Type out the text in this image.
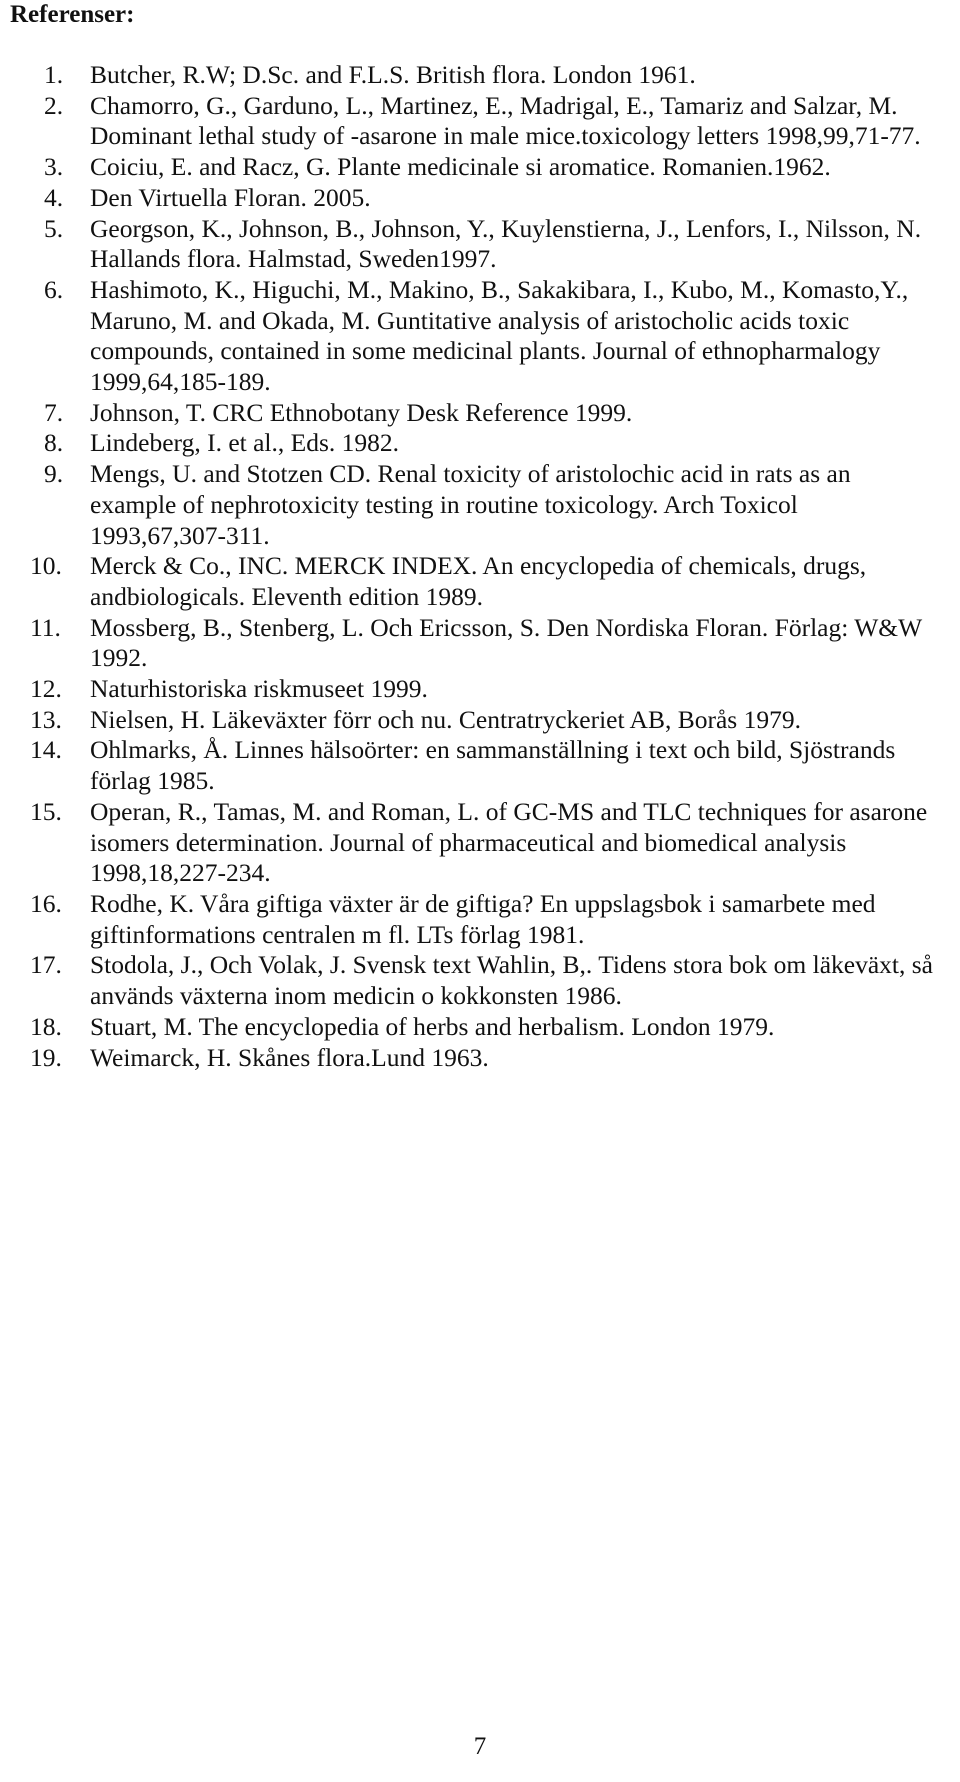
Referenser:
1.	Butcher, R.W; D.Sc. and F.L.S. British flora. London 1961.
2.	Chamorro, G., Garduno, L., Martinez, E., Madrigal, E., Tamariz and Salzar, M. Dominant lethal study of -asarone in male mice.toxicology letters 1998,99,71-77.
3.	Coiciu, E. and Racz, G. Plante medicinale si aromatice. Romanien.1962.
4.	Den Virtuella Floran. 2005.
5.	Georgson, K., Johnson, B., Johnson, Y., Kuylenstierna, J., Lenfors, I., Nilsson, N. Hallands flora. Halmstad, Sweden1997.
6.	Hashimoto, K., Higuchi, M., Makino, B., Sakakibara, I., Kubo, M., Komasto,Y., Maruno, M. and Okada, M. Guntitative analysis of aristocholic acids toxic compounds, contained in some medicinal plants. Journal of ethnopharmalogy 1999,64,185-189.
7.	Johnson, T. CRC Ethnobotany Desk Reference 1999.
8.	Lindeberg, I. et al., Eds. 1982.
9.	Mengs, U. and Stotzen CD. Renal toxicity of aristolochic acid in rats as an example of nephrotoxicity testing in routine toxicology. Arch Toxicol 1993,67,307-311.
10.	Merck & Co., INC. MERCK INDEX. An encyclopedia of chemicals, drugs, andbiologicals. Eleventh edition 1989.
11.	Mossberg, B., Stenberg, L. Och Ericsson, S. Den Nordiska Floran. Förlag: W&W 1992.
12.	Naturhistoriska riskmuseet 1999.
13.	Nielsen, H. Läkeväxter förr och nu. Centratryckeriet AB, Borås 1979.
14.	Ohlmarks, Å. Linnes hälsoörter: en sammanställning i text och bild, Sjöstrands förlag 1985.
15.	Operan, R., Tamas, M. and Roman, L. of GC-MS and TLC techniques for asarone isomers determination. Journal of pharmaceutical and biomedical analysis 1998,18,227-234.
16.	Rodhe, K. Våra giftiga växter är de giftiga? En uppslagsbok i samarbete med giftinformations centralen m fl. LTs förlag 1981.
17.	Stodola, J., Och Volak, J. Svensk text Wahlin, B,. Tidens stora bok om läkeväxt, så används växterna inom medicin o kokkonsten 1986.
18.	Stuart, M. The encyclopedia of herbs and herbalism. London 1979.
19.	Weimarck, H. Skånes flora.Lund 1963.
7
